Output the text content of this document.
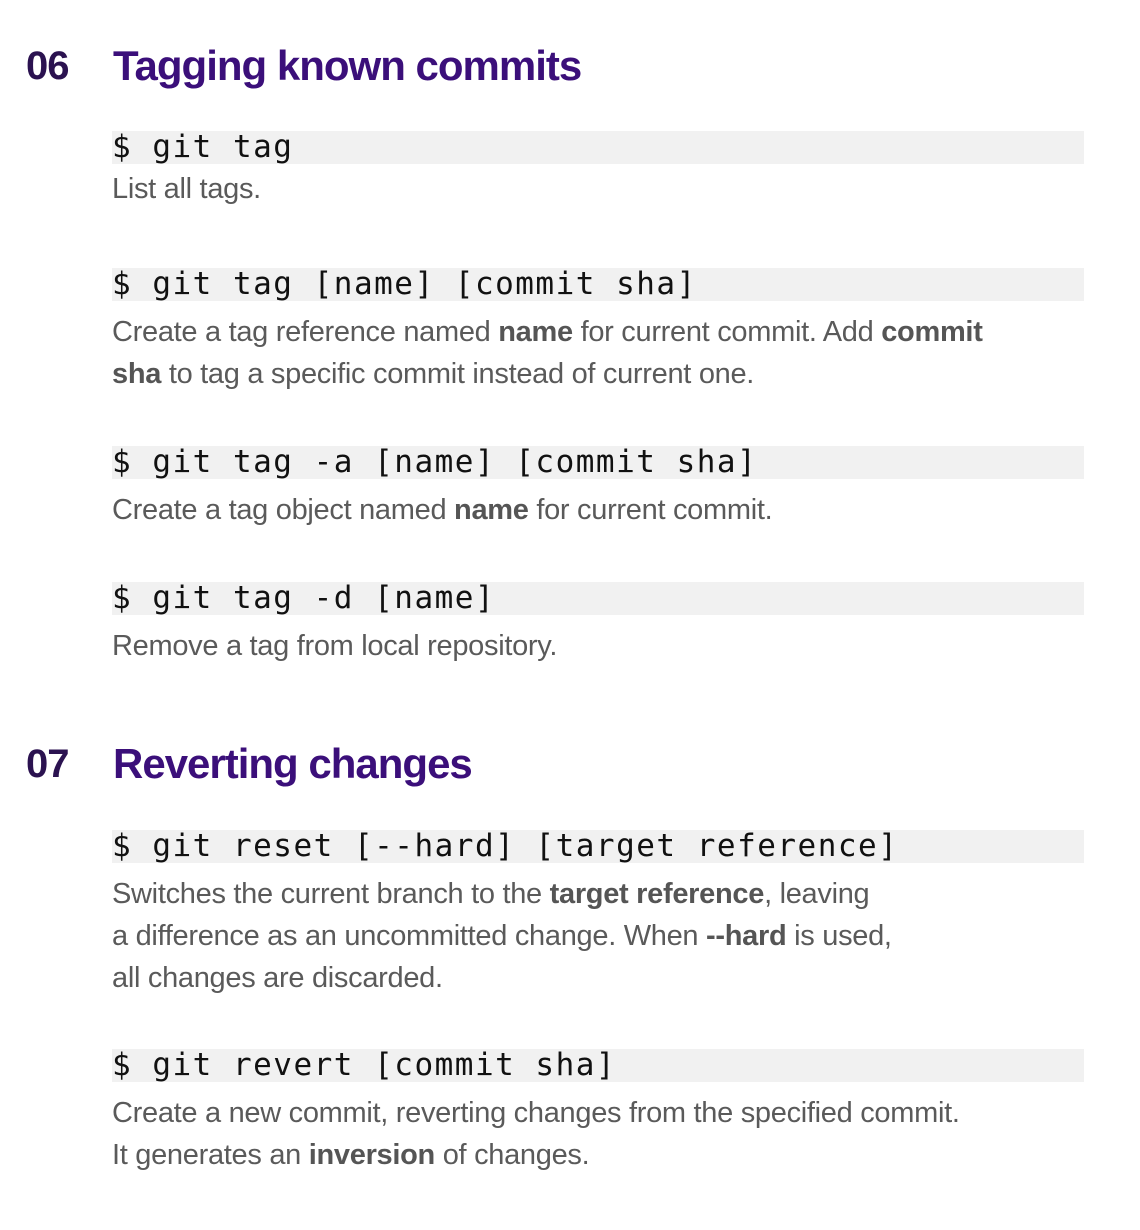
06	Tagging known commits
$ git tag
List all tags.
$ git tag [name] [commit sha]
Create a tag reference named name for current commit. Add commit
sha to tag a specific commit instead of current one.
$ git tag -a [name] [commit sha]
Create a tag object named name for current commit.
$ git tag -d [name]
Remove a tag from local repository.
07	Reverting changes
$ git reset [--hard] [target reference]
Switches the current branch to the target reference, leaving
a difference as an uncommitted change. When --hard is used,
all changes are discarded.
$ git revert [commit sha]
Create a new commit, reverting changes from the specified commit.
It generates an inversion of changes.
